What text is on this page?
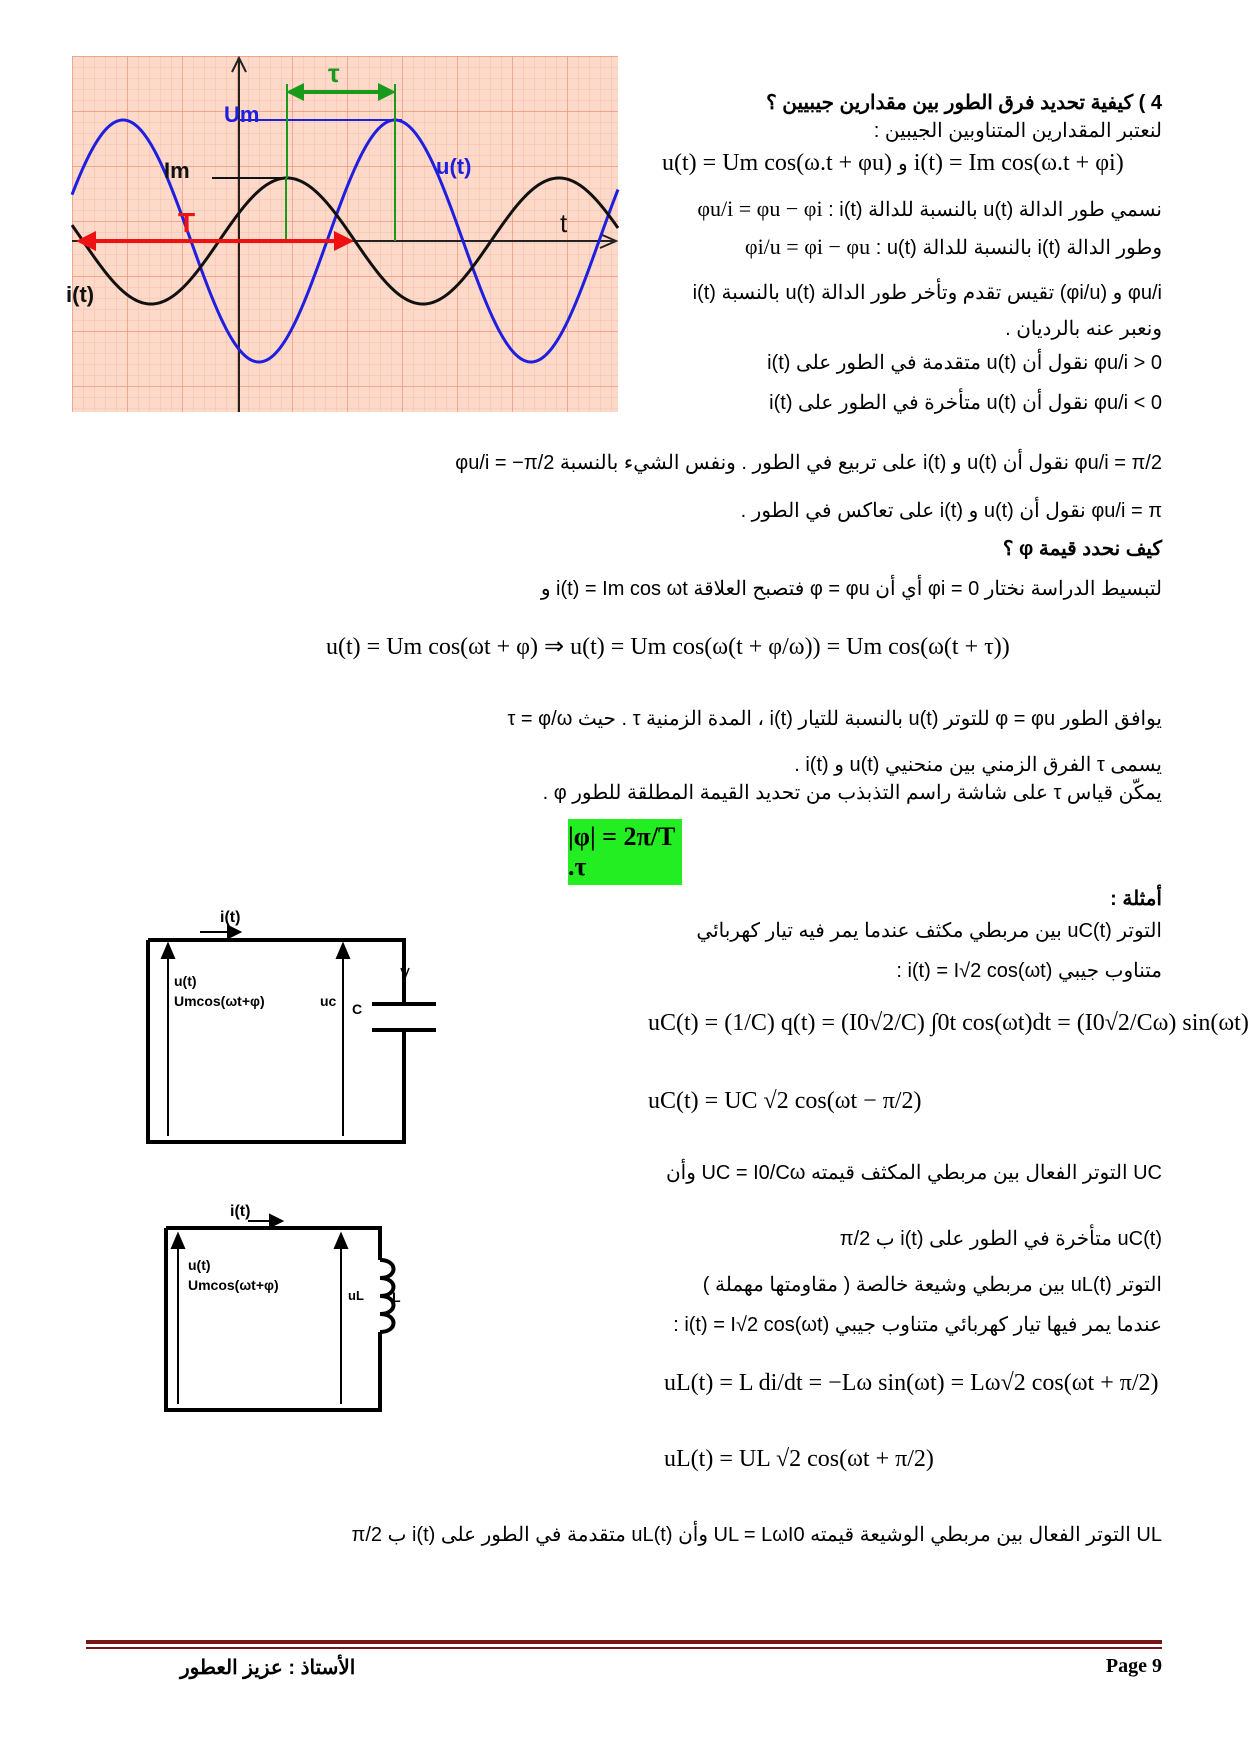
τ
Um
Im	u(t)
i(t)
T	t
4 ) كيفية تحديد فرق الطور بين مقدارين جيبيين ؟
لنعتبر المقدارين المتناوبين الجيبين :
u(t) = Um cos(ω.t + φu) و i(t) = Im cos(ω.t + φi)
نسمي طور الدالة u(t) بالنسبة للدالة i(t) : φu/i = φu − φi
وطور الدالة i(t) بالنسبة للدالة u(t) : φi/u = φi − φu
φu/i و (φi/u) تقيس تقدم وتأخر طور الدالة u(t) بالنسبة i(t)
ونعبر عنه بالرديان .
φu/i > 0 نقول أن u(t) متقدمة في الطور على i(t)
φu/i < 0 نقول أن u(t) متأخرة في الطور على i(t)
φu/i = π/2 نقول أن u(t) و i(t) على تربيع في الطور . ونفس الشيء بالنسبة φu/i = −π/2
φu/i = π نقول أن u(t) و i(t) على تعاكس في الطور .
كيف نحدد قيمة φ ؟
لتبسيط الدراسة نختار φi = 0 أي أن φ = φu فتصبح العلاقة i(t) = Im cos ωt و
u(t) = Um cos(ωt + φ) ⇒ u(t) = Um cos(ω(t + φ/ω)) = Um cos(ω(t + τ))
يوافق الطور φ = φu للتوتر u(t) بالنسبة للتيار i(t) ، المدة الزمنية τ . حيث τ = φ/ω
يسمى τ الفرق الزمني بين منحنيي u(t) و i(t) .
يمكّن قياس τ على شاشة راسم التذبذب من تحديد القيمة المطلقة للطور φ .
|φ| = 2π/T .τ
أمثلة :
التوتر uC(t) بين مربطي مكثف عندما يمر فيه تيار كهربائي
متناوب جيبي i(t) = I√2 cos(ωt) :
uC(t) = (1/C) q(t) = (I0√2/C) ∫0t cos(ωt)dt = (I0√2/Cω) sin(ωt)
uC(t) = UC √2 cos(ωt − π/2)
UC التوتر الفعال بين مربطي المكثف قيمته UC = I0/Cω وأن
uC(t) متأخرة في الطور على i(t) ب π/2
التوتر uL(t) بين مربطي وشيعة خالصة ( مقاومتها مهملة )
عندما يمر فيها تيار كهربائي متناوب جيبي i(t) = I√2 cos(ωt) :
uL(t) = L di/dt = −Lω sin(ωt) = Lω√2 cos(ωt + π/2)
uL(t) = UL √2 cos(ωt + π/2)
UL التوتر الفعال بين مربطي الوشيعة قيمته UL = LωI0 وأن uL(t) متقدمة في الطور على i(t) ب π/2
i(t)
u(t)
Umcos(ωt+φ)	uc C
i(t)
u(t)
Umcos(ωt+φ)
uL L
الأستاذ : عزيز العطور	Page 9
